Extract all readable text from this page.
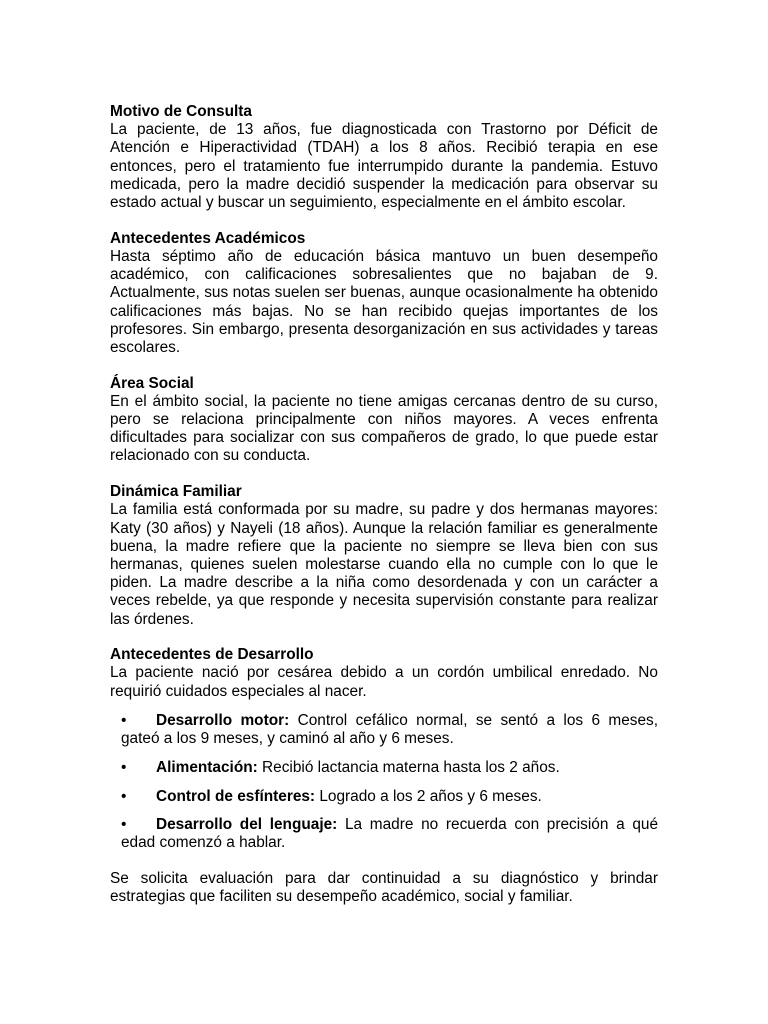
Motivo de Consulta

La paciente, de 13 años, fue diagnosticada con Trastorno por Déficit de Atención e Hiperactividad (TDAH) a los 8 años. Recibió terapia en ese entonces, pero el tratamiento fue interrumpido durante la pandemia. Estuvo medicada, pero la madre decidió suspender la medicación para observar su estado actual y buscar un seguimiento, especialmente en el ámbito escolar.

Antecedentes Académicos

Hasta séptimo año de educación básica mantuvo un buen desempeño académico, con calificaciones sobresalientes que no bajaban de 9. Actualmente, sus notas suelen ser buenas, aunque ocasionalmente ha obtenido calificaciones más bajas. No se han recibido quejas importantes de los profesores. Sin embargo, presenta desorganización en sus actividades y tareas escolares.

Área Social

En el ámbito social, la paciente no tiene amigas cercanas dentro de su curso, pero se relaciona principalmente con niños mayores. A veces enfrenta dificultades para socializar con sus compañeros de grado, lo que puede estar relacionado con su conducta.

Dinámica Familiar

La familia está conformada por su madre, su padre y dos hermanas mayores: Katy (30 años) y Nayeli (18 años). Aunque la relación familiar es generalmente buena, la madre refiere que la paciente no siempre se lleva bien con sus hermanas, quienes suelen molestarse cuando ella no cumple con lo que le piden. La madre describe a la niña como desordenada y con un carácter a veces rebelde, ya que responde y necesita supervisión constante para realizar las órdenes.

Antecedentes de Desarrollo

La paciente nació por cesárea debido a un cordón umbilical enredado. No requirió cuidados especiales al nacer.

• Desarrollo motor: Control cefálico normal, se sentó a los 6 meses, gateó a los 9 meses, y caminó al año y 6 meses.
• Alimentación: Recibió lactancia materna hasta los 2 años.
• Control de esfínteres: Logrado a los 2 años y 6 meses.
• Desarrollo del lenguaje: La madre no recuerda con precisión a qué edad comenzó a hablar.

Se solicita evaluación para dar continuidad a su diagnóstico y brindar estrategias que faciliten su desempeño académico, social y familiar.
